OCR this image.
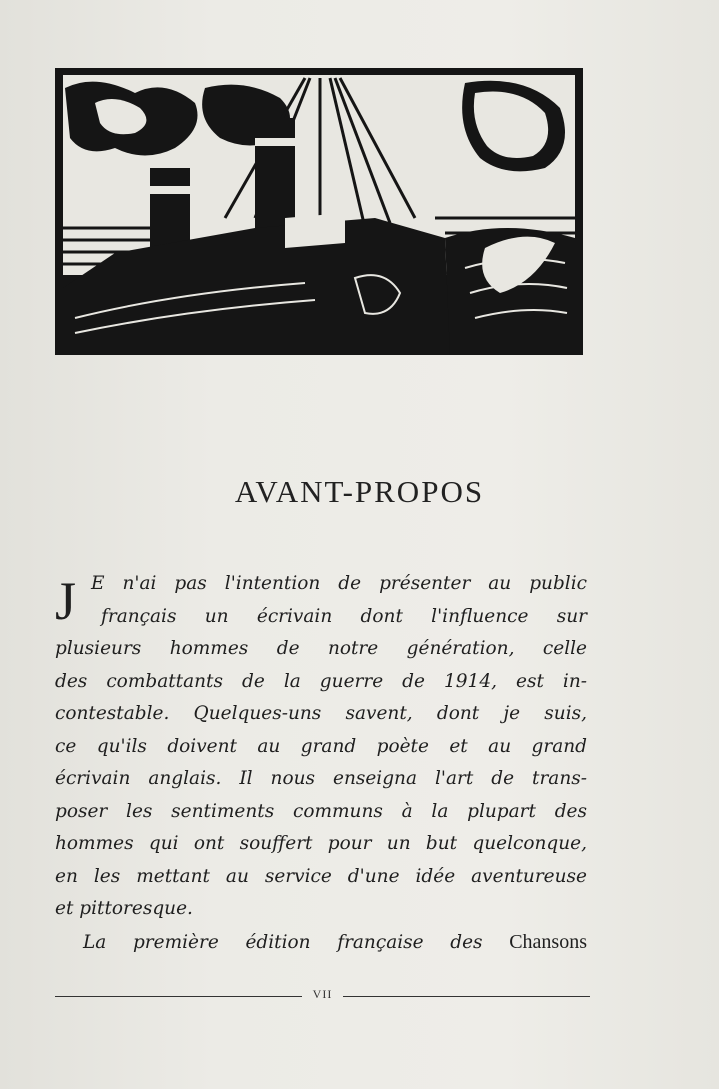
AVANT-PROPOS
J E n'ai pas l'intention de présenter au public
français un écrivain dont l'influence sur
plusieurs hommes de notre génération, celle
des combattants de la guerre de 1914, est in-
contestable. Quelques-uns savent, dont je suis,
ce qu'ils doivent au grand poète et au grand
écrivain anglais. Il nous enseigna l'art de trans-
poser les sentiments communs à la plupart des
hommes qui ont souffert pour un but quelconque,
en les mettant au service d'une idée aventureuse
et pittoresque.
La première édition française des Chansons
VII
